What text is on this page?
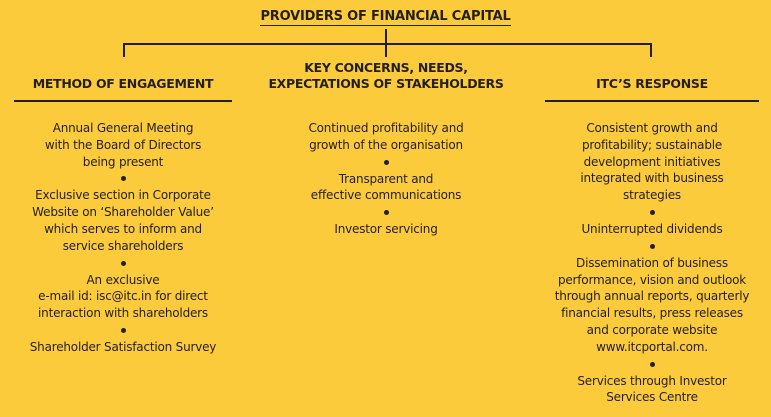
PROVIDERS OF FINANCIAL CAPITAL
METHOD OF ENGAGEMENT
Annual General Meeting
with the Board of Directors
being present
Exclusive section in Corporate
Website on ‘Shareholder Value’
which serves to inform and
service shareholders
An exclusive
e-mail id: isc@itc.in for direct
interaction with shareholders
Shareholder Satisfaction Survey
KEY CONCERNS, NEEDS,
EXPECTATIONS OF STAKEHOLDERS
Continued profitability and
growth of the organisation
Transparent and
effective communications
Investor servicing
ITC’S RESPONSE
Consistent growth and
profitability; sustainable
development initiatives
integrated with business
strategies
Uninterrupted dividends
Dissemination of business
performance, vision and outlook
through annual reports, quarterly
financial results, press releases
and corporate website
www.itcportal.com.
Services through Investor
Services Centre
